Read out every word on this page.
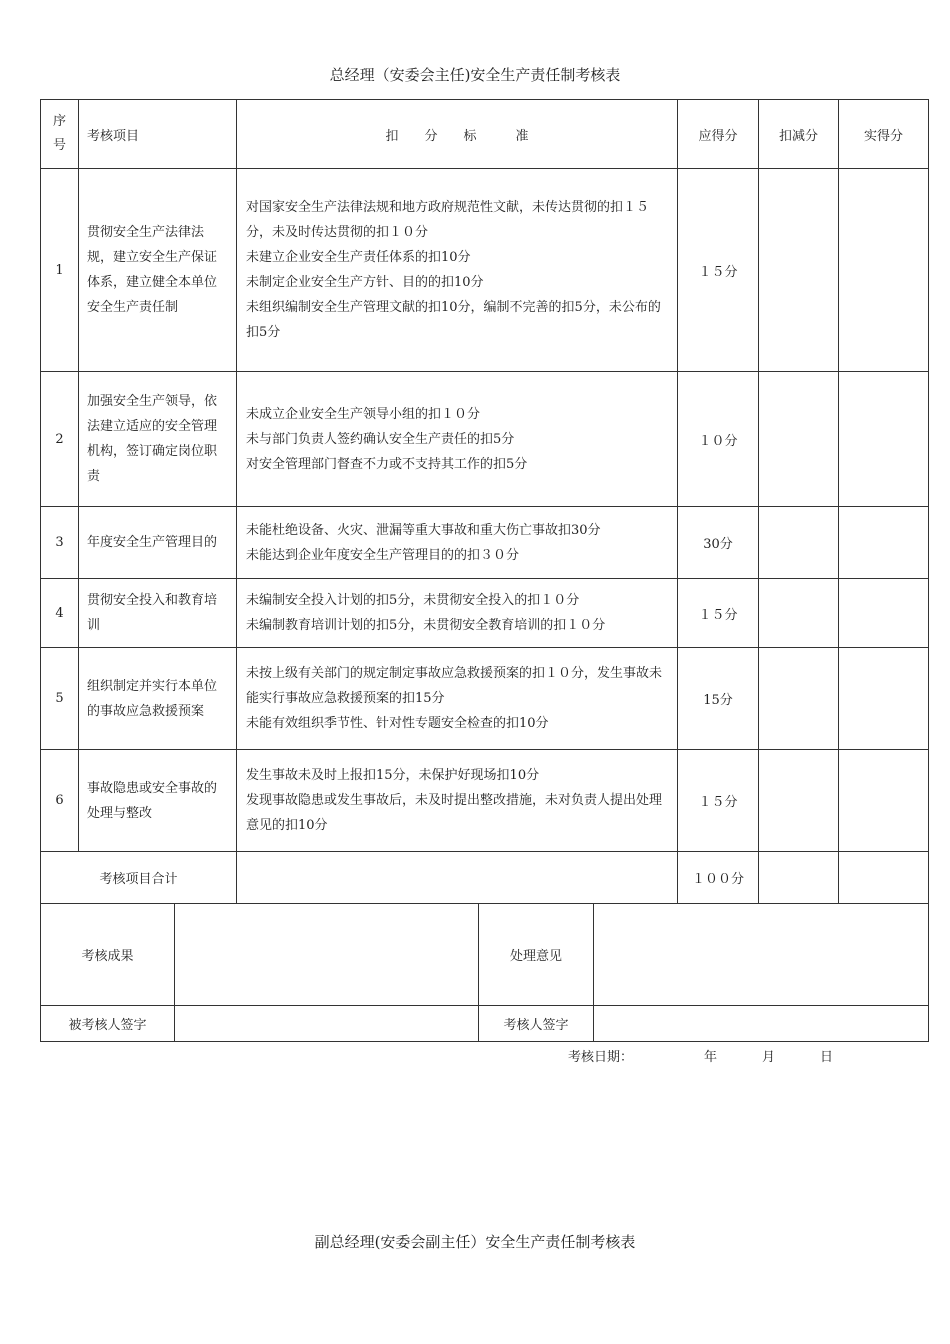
总经理（安委会主任)安全生产责任制考核表
序号	考核项目	扣 分 标 准	应得分	扣减分	实得分
1	贯彻安全生产法律法规，建立安全生产保证体系，建立健全本单位安全生产责任制	对国家安全生产法律法规和地方政府规范性文献，未传达贯彻的扣１５分，未及时传达贯彻的扣１０分
未建立企业安全生产责任体系的扣10分
未制定企业安全生产方针、目的的扣10分
未组织编制安全生产管理文献的扣10分，编制不完善的扣5分，未公布的扣5分	１５分		
2	加强安全生产领导，依法建立适应的安全管理机构，签订确定岗位职责	未成立企业安全生产领导小组的扣１０分
未与部门负责人签约确认安全生产责任的扣5分
对安全管理部门督查不力或不支持其工作的扣5分	１０分		
3	年度安全生产管理目的	未能杜绝设备、火灾、泄漏等重大事故和重大伤亡事故扣30分
未能达到企业年度安全生产管理目的的扣３０分	30分		
4	贯彻安全投入和教育培训	未编制安全投入计划的扣5分，未贯彻安全投入的扣１０分
未编制教育培训计划的扣5分，未贯彻安全教育培训的扣１０分	１５分		
5	组织制定并实行本单位的事故应急救援预案	未按上级有关部门的规定制定事故应急救援预案的扣１０分，发生事故未能实行事故应急救援预案的扣15分
未能有效组织季节性、针对性专题安全检查的扣10分	15分		
6	事故隐患或安全事故的处理与整改	发生事故未及时上报扣15分，未保护好现场扣10分
发现事故隐患或发生事故后，未及时提出整改措施，未对负责人提出处理意见的扣10分	１５分		
考核项目合计			１００分		
考核成果		处理意见	
被考核人签字		考核人签字	
考核日期：	年	月	日
副总经理(安委会副主任）安全生产责任制考核表
